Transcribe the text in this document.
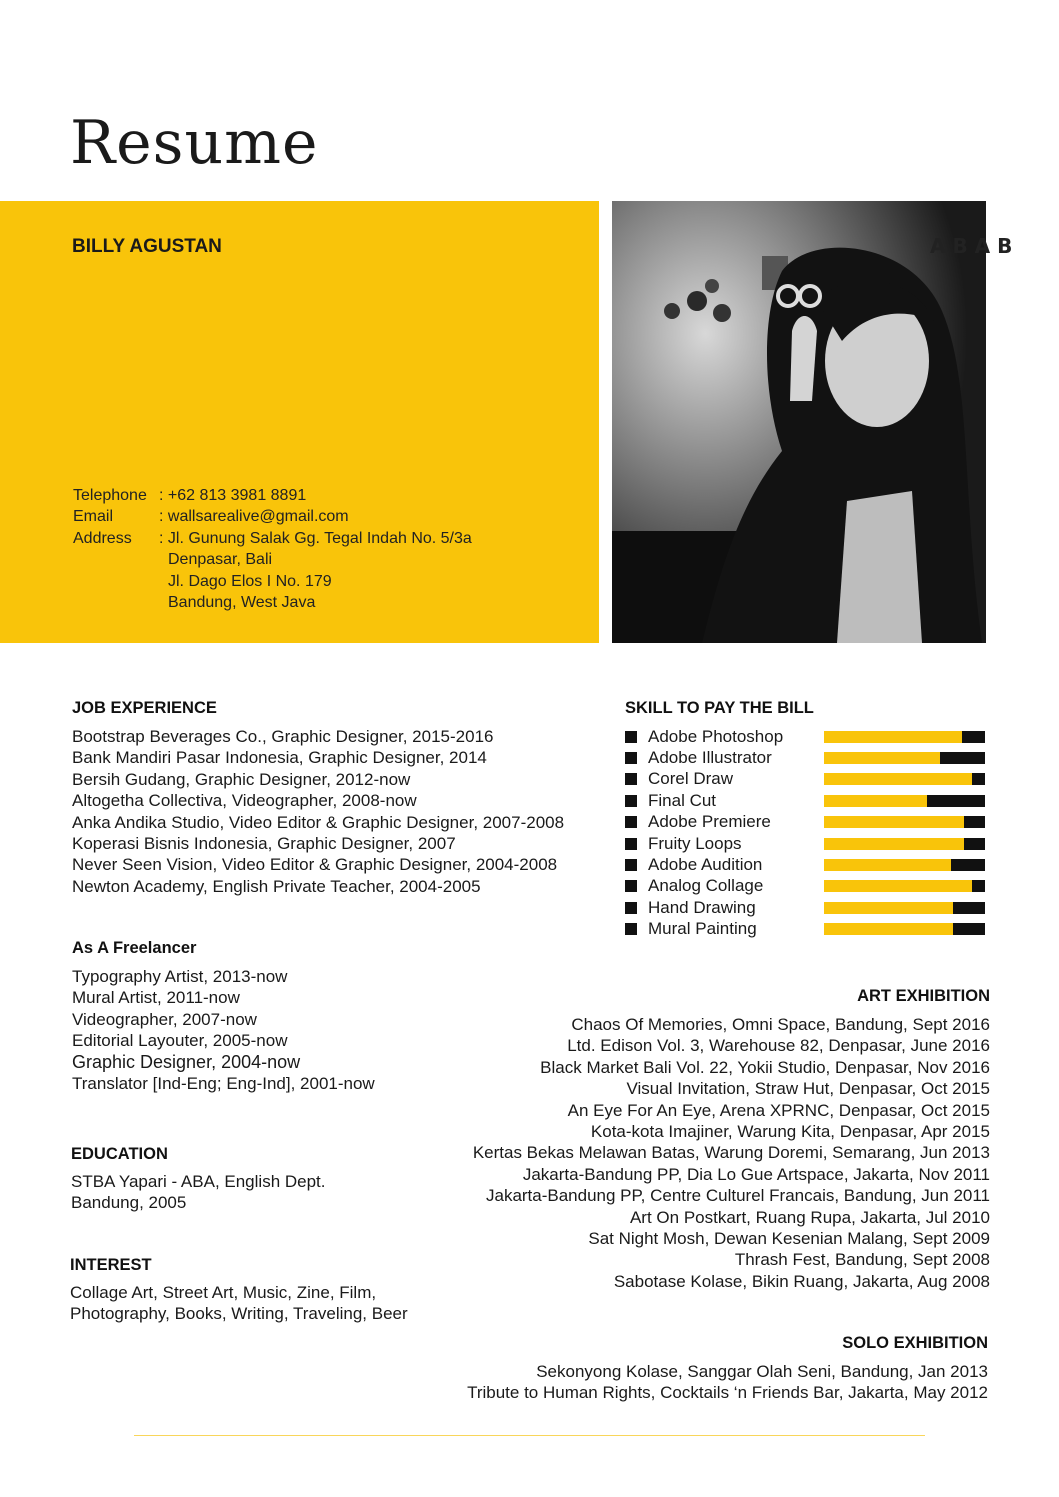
Resume
BILLY AGUSTAN
Telephone : +62 813 3981 8891
Email	: wallsarealive@gmail.com
Address	: Jl. Gunung Salak Gg. Tegal Indah No. 5/3a
Denpasar, Bali
Jl. Dago Elos I No. 179
Bandung, West Java
A B A B
JOB EXPERIENCE
Bootstrap Beverages Co., Graphic Designer, 2015-2016
Bank Mandiri Pasar Indonesia, Graphic Designer, 2014
Bersih Gudang, Graphic Designer, 2012-now
Altogetha Collectiva, Videographer, 2008-now
Anka Andika Studio, Video Editor & Graphic Designer, 2007-2008
Koperasi Bisnis Indonesia, Graphic Designer, 2007
Never Seen Vision, Video Editor & Graphic Designer, 2004-2008
Newton Academy, English Private Teacher, 2004-2005
As A Freelancer
Typography Artist, 2013-now
Mural Artist, 2011-now
Videographer, 2007-now
Editorial Layouter, 2005-now
Graphic Designer, 2004-now
Translator [Ind-Eng; Eng-Ind], 2001-now
EDUCATION
STBA Yapari - ABA, English Dept.
Bandung, 2005
INTEREST
Collage Art, Street Art, Music, Zine, Film,
Photography, Books, Writing, Traveling, Beer
SKILL TO PAY THE BILL
Adobe Photoshop
Adobe Illustrator
Corel Draw
Final Cut
Adobe Premiere
Fruity Loops
Adobe Audition
Analog Collage
Hand Drawing
Mural Painting
ART EXHIBITION
Chaos Of Memories, Omni Space, Bandung, Sept 2016
Ltd. Edison Vol. 3, Warehouse 82, Denpasar, June 2016
Black Market Bali Vol. 22, Yokii Studio, Denpasar, Nov 2016
Visual Invitation, Straw Hut, Denpasar, Oct 2015
An Eye For An Eye, Arena XPRNC, Denpasar, Oct 2015
Kota-kota Imajiner, Warung Kita, Denpasar, Apr 2015
Kertas Bekas Melawan Batas, Warung Doremi, Semarang, Jun 2013
Jakarta-Bandung PP, Dia Lo Gue Artspace, Jakarta, Nov 2011
Jakarta-Bandung PP, Centre Culturel Francais, Bandung, Jun 2011
Art On Postkart, Ruang Rupa, Jakarta, Jul 2010
Sat Night Mosh, Dewan Kesenian Malang, Sept 2009
Thrash Fest, Bandung, Sept 2008
Sabotase Kolase, Bikin Ruang, Jakarta, Aug 2008
SOLO EXHIBITION
Sekonyong Kolase, Sanggar Olah Seni, Bandung, Jan 2013
Tribute to Human Rights, Cocktails ‘n Friends Bar, Jakarta, May 2012
